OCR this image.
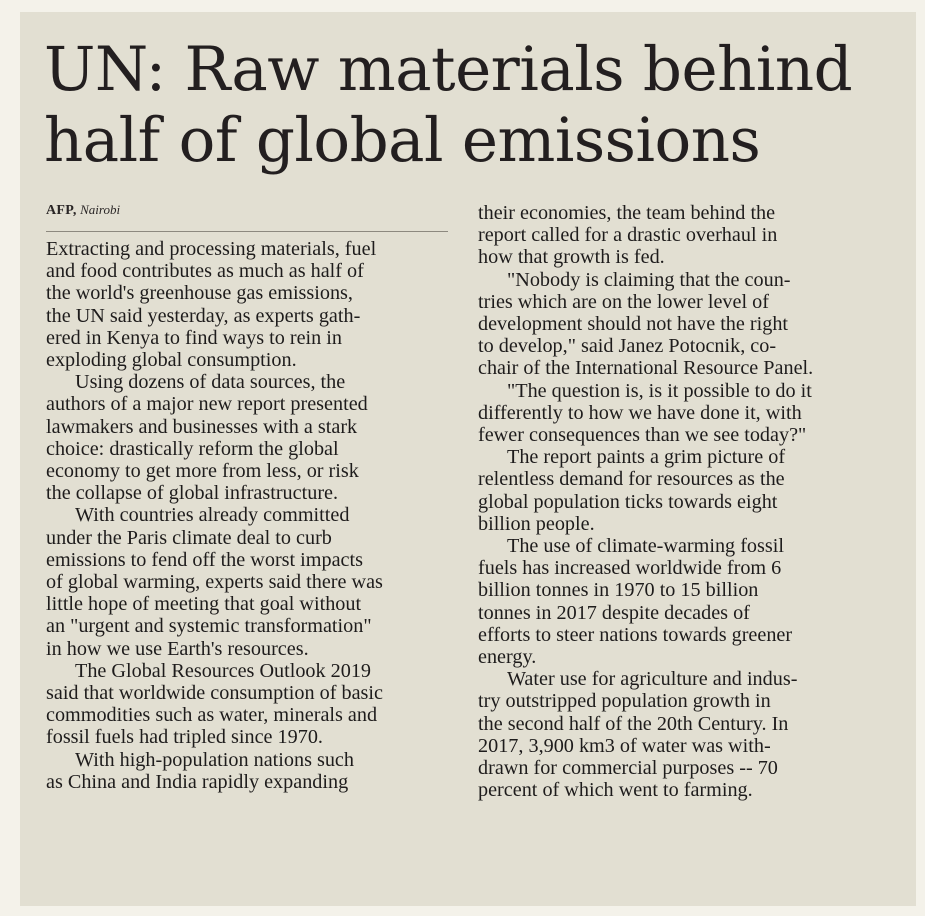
UN: Raw materials behind
half of global emissions
AFP, Nairobi

Extracting and processing materials, fuel
and food contributes as much as half of
the world's greenhouse gas emissions,
the UN said yesterday, as experts gath-
ered in Kenya to find ways to rein in
exploding global consumption.

Using dozens of data sources, the
authors of a major new report presented
lawmakers and businesses with a stark
choice: drastically reform the global
economy to get more from less, or risk
the collapse of global infrastructure.

With countries already committed
under the Paris climate deal to curb
emissions to fend off the worst impacts
of global warming, experts said there was
little hope of meeting that goal without
an "urgent and systemic transformation"
in how we use Earth's resources.

The Global Resources Outlook 2019
said that worldwide consumption of basic
commodities such as water, minerals and
fossil fuels had tripled since 1970.

With high-population nations such
as China and India rapidly expanding

their economies, the team behind the
report called for a drastic overhaul in
how that growth is fed.

"Nobody is claiming that the coun-
tries which are on the lower level of
development should not have the right
to develop," said Janez Potocnik, co-
chair of the International Resource Panel.

"The question is, is it possible to do it
differently to how we have done it, with
fewer consequences than we see today?"

The report paints a grim picture of
relentless demand for resources as the
global population ticks towards eight
billion people.

The use of climate-warming fossil
fuels has increased worldwide from 6
billion tonnes in 1970 to 15 billion
tonnes in 2017 despite decades of
efforts to steer nations towards greener
energy.

Water use for agriculture and indus-
try outstripped population growth in
the second half of the 20th Century. In
2017, 3,900 km3 of water was with-
drawn for commercial purposes -- 70
percent of which went to farming.
